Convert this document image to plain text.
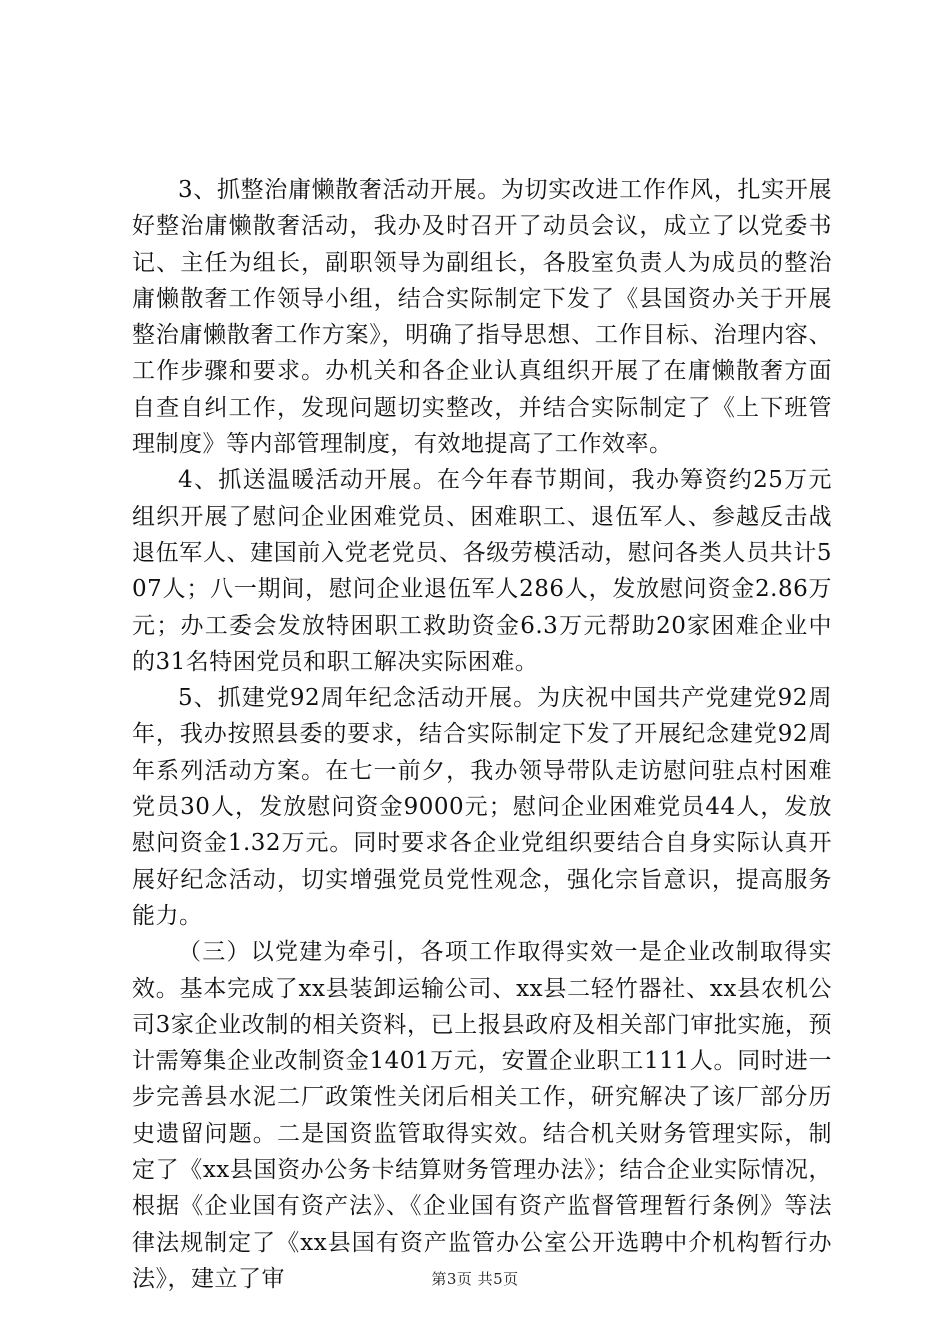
3、抓整治庸懒散奢活动开展。为切实改进工作作风，扎实开展好整治庸懒散奢活动，我办及时召开了动员会议，成立了以党委书记、主任为组长，副职领导为副组长，各股室负责人为成员的整治庸懒散奢工作领导小组，结合实际制定下发了《县国资办关于开展整治庸懒散奢工作方案》，明确了指导思想、工作目标、治理内容、工作步骤和要求。办机关和各企业认真组织开展了在庸懒散奢方面自查自纠工作，发现问题切实整改，并结合实际制定了《上下班管理制度》等内部管理制度，有效地提高了工作效率。

4、抓送温暖活动开展。在今年春节期间，我办筹资约25万元组织开展了慰问企业困难党员、困难职工、退伍军人、参越反击战退伍军人、建国前入党老党员、各级劳模活动，慰问各类人员共计507人；八一期间，慰问企业退伍军人286人，发放慰问资金2.86万元；办工委会发放特困职工救助资金6.3万元帮助20家困难企业中的31名特困党员和职工解决实际困难。

5、抓建党92周年纪念活动开展。为庆祝中国共产党建党92周年，我办按照县委的要求，结合实际制定下发了开展纪念建党92周年系列活动方案。在七一前夕，我办领导带队走访慰问驻点村困难党员30人，发放慰问资金9000元；慰问企业困难党员44人，发放慰问资金1.32万元。同时要求各企业党组织要结合自身实际认真开展好纪念活动，切实增强党员党性观念，强化宗旨意识，提高服务能力。

（三）以党建为牵引，各项工作取得实效一是企业改制取得实效。基本完成了xx县装卸运输公司、xx县二轻竹器社、xx县农机公司3家企业改制的相关资料，已上报县政府及相关部门审批实施，预计需筹集企业改制资金1401万元，安置企业职工111人。同时进一步完善县水泥二厂政策性关闭后相关工作，研究解决了该厂部分历史遗留问题。二是国资监管取得实效。结合机关财务管理实际，制定了《xx县国资办公务卡结算财务管理办法》；结合企业实际情况，根据《企业国有资产法》、《企业国有资产监督管理暂行条例》等法律法规制定了《xx县国有资产监管办公室公开选聘中介机构暂行办法》，建立了审	第3页 共5页
